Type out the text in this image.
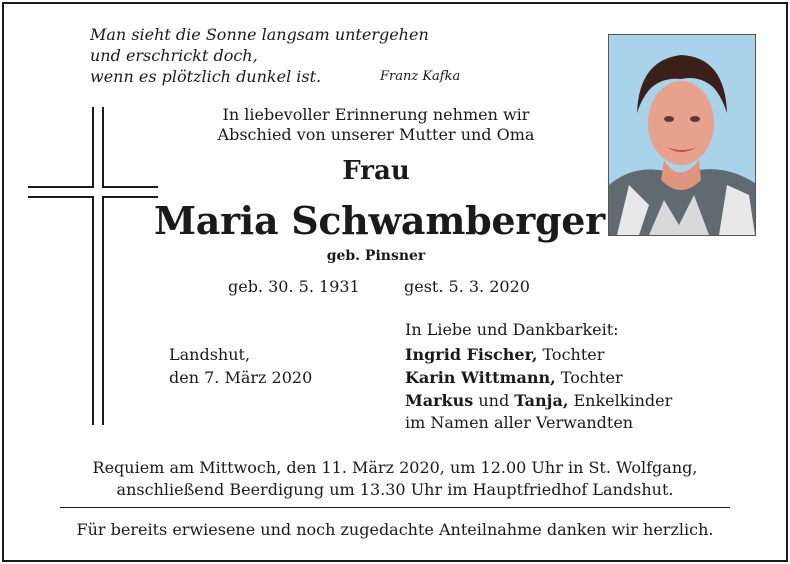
Man sieht die Sonne langsam untergehen
und erschrickt doch,
wenn es plötzlich dunkel ist.	Franz Kafka
In liebevoller Erinnerung nehmen wir
Abschied von unserer Mutter und Oma
Frau
Maria Schwamberger
geb. Pinsner
geb. 30. 5. 1931	gest. 5. 3. 2020
Landshut,
den 7. März 2020
In Liebe und Dankbarkeit:
Ingrid Fischer, Tochter
Karin Wittmann, Tochter
Markus und Tanja, Enkelkinder
im Namen aller Verwandten
Requiem am Mittwoch, den 11. März 2020, um 12.00 Uhr in St. Wolfgang,
anschließend Beerdigung um 13.30 Uhr im Hauptfriedhof Landshut.
Für bereits erwiesene und noch zugedachte Anteilnahme danken wir herzlich.
